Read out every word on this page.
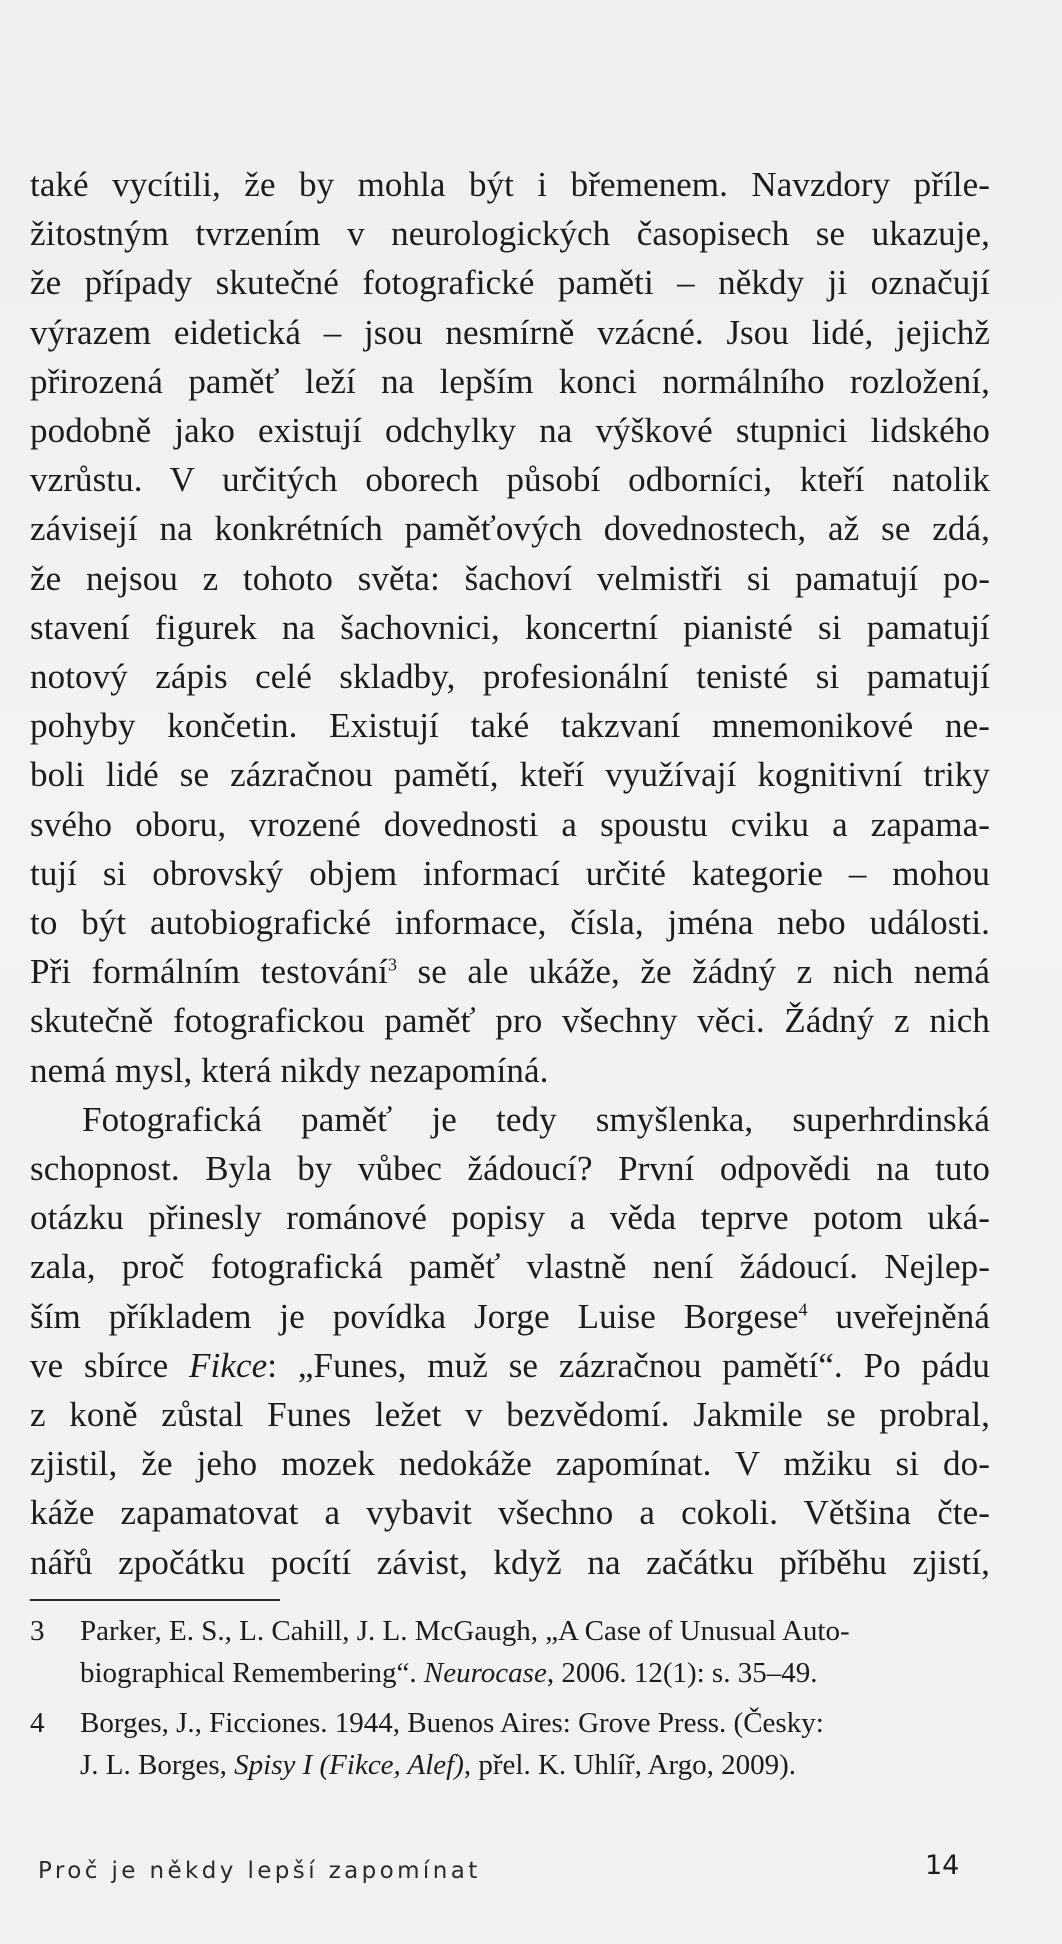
také vycítili, že by mohla být i břemenem. Navzdory příle-
žitostným tvrzením v neurologických časopisech se ukazuje,
že případy skutečné fotografické paměti – někdy ji označují
výrazem eidetická – jsou nesmírně vzácné. Jsou lidé, jejichž
přirozená paměť leží na lepším konci normálního rozložení,
podobně jako existují odchylky na výškové stupnici lidského
vzrůstu. V určitých oborech působí odborníci, kteří natolik
závisejí na konkrétních paměťových dovednostech, až se zdá,
že nejsou z tohoto světa: šachoví velmistři si pamatují po-
stavení figurek na šachovnici, koncertní pianisté si pamatují
notový zápis celé skladby, profesionální tenisté si pamatují
pohyby končetin. Existují také takzvaní mnemonikové ne-
boli lidé se zázračnou pamětí, kteří využívají kognitivní triky
svého oboru, vrozené dovednosti a spoustu cviku a zapama-
tují si obrovský objem informací určité kategorie – mohou
to být autobiografické informace, čísla, jména nebo události.
Při formálním testování$^3$ se ale ukáže, že žádný z nich nemá
skutečně fotografickou paměť pro všechny věci. Žádný z nich
nemá mysl, která nikdy nezapomíná.
Fotografická paměť je tedy smyšlenka, superhrdinská
schopnost. Byla by vůbec žádoucí? První odpovědi na tuto
otázku přinesly románové popisy a věda teprve potom uká-
zala, proč fotografická paměť vlastně není žádoucí. Nejlep-
ším příkladem je povídka Jorge Luise Borgese$^4$ uveřejněná
ve sbírce Fikce: „Funes, muž se zázračnou pamětí“. Po pádu
z koně zůstal Funes ležet v bezvědomí. Jakmile se probral,
zjistil, že jeho mozek nedokáže zapomínat. V mžiku si do-
káže zapamatovat a vybavit všechno a cokoli. Většina čte-
nářů zpočátku pocítí závist, když na začátku příběhu zjistí,
3	Parker, E. S., L. Cahill, J. L. McGaugh, „A Case of Unusual Auto-
biographical Remembering“. Neurocase, 2006. 12(1): s. 35–49.
4	Borges, J., Ficciones. 1944, Buenos Aires: Grove Press. (Česky:
J. L. Borges, Spisy I (Fikce, Alef), přel. K. Uhlíř, Argo, 2009).
Proč je někdy lepší zapomínat	14
